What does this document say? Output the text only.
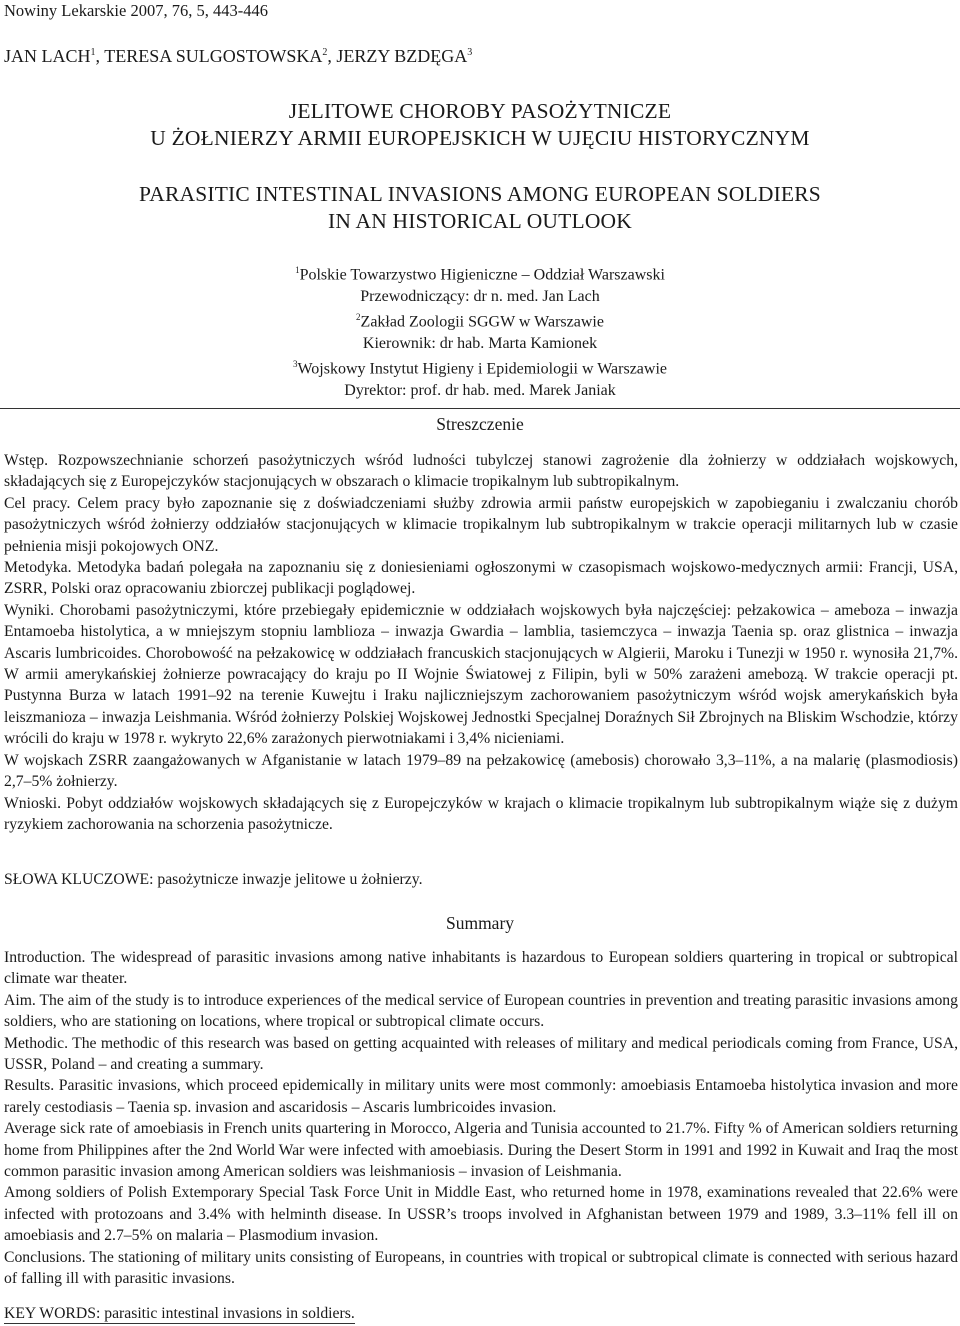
Nowiny Lekarskie 2007, 76, 5, 443-446
JAN LACH$^1$, TERESA SULGOSTOWSKA$^2$, JERZY BZDĘGA$^3$
JELITOWE CHOROBY PASOŻYTNICZE
U ŻOŁNIERZY ARMII EUROPEJSKICH W UJĘCIU HISTORYCZNYM
PARASITIC INTESTINAL INVASIONS AMONG EUROPEAN SOLDIERS
IN AN HISTORICAL OUTLOOK
$^1$Polskie Towarzystwo Higieniczne – Oddział Warszawski
Przewodniczący: dr n. med. Jan Lach
$^2$Zakład Zoologii SGGW w Warszawie
Kierownik: dr hab. Marta Kamionek
$^3$Wojskowy Instytut Higieny i Epidemiologii w Warszawie
Dyrektor: prof. dr hab. med. Marek Janiak
Streszczenie

Wstęp. Rozpowszechnianie schorzeń pasożytniczych wśród ludności tubylczej stanowi zagrożenie dla żołnierzy w oddziałach wojskowych, składających się z Europejczyków stacjonujących w obszarach o klimacie tropikalnym lub subtropikalnym.

Cel pracy. Celem pracy było zapoznanie się z doświadczeniami służby zdrowia armii państw europejskich w zapobieganiu i zwalczaniu chorób pasożytniczych wśród żołnierzy oddziałów stacjonujących w klimacie tropikalnym lub subtropikalnym w trakcie operacji militarnych lub w czasie pełnienia misji pokojowych ONZ.

Metodyka. Metodyka badań polegała na zapoznaniu się z doniesieniami ogłoszonymi w czasopismach wojskowo-medycznych armii: Francji, USA, ZSRR, Polski oraz opracowaniu zbiorczej publikacji poglądowej.

Wyniki. Chorobami pasożytniczymi, które przebiegały epidemicznie w oddziałach wojskowych była najczęściej: pełzakowica – ameboza – inwazja Entamoeba histolytica, a w mniejszym stopniu lamblioza – inwazja Gwardia – lamblia, tasiemczyca – inwazja Taenia sp. oraz glistnica – inwazja Ascaris lumbricoides. Chorobowość na pełzakowicę w oddziałach francuskich stacjonujących w Algierii, Maroku i Tunezji w 1950 r. wynosiła 21,7%. W armii amerykańskiej żołnierze powracający do kraju po II Wojnie Światowej z Filipin, byli w 50% zarażeni amebozą. W trakcie operacji pt. Pustynna Burza w latach 1991–92 na terenie Kuwejtu i Iraku najliczniejszym zachorowaniem pasożytniczym wśród wojsk amerykańskich była leiszmanioza – inwazja Leishmania. Wśród żołnierzy Polskiej Wojskowej Jednostki Specjalnej Doraźnych Sił Zbrojnych na Bliskim Wschodzie, którzy wrócili do kraju w 1978 r. wykryto 22,6% zarażonych pierwotniakami i 3,4% nicieniami.

W wojskach ZSRR zaangażowanych w Afganistanie w latach 1979–89 na pełzakowicę (amebosis) chorowało 3,3–11%, a na malarię (plasmodiosis) 2,7–5% żołnierzy.

Wnioski. Pobyt oddziałów wojskowych składających się z Europejczyków w krajach o klimacie tropikalnym lub subtropikalnym wiąże się z dużym ryzykiem zachorowania na schorzenia pasożytnicze.

SŁOWA KLUCZOWE: pasożytnicze inwazje jelitowe u żołnierzy.
Summary

Introduction. The widespread of parasitic invasions among native inhabitants is hazardous to European soldiers quartering in tropical or subtropical climate war theater.

Aim. The aim of the study is to introduce experiences of the medical service of European countries in prevention and treating parasitic invasions among soldiers, who are stationing on locations, where tropical or subtropical climate occurs.

Methodic. The methodic of this research was based on getting acquainted with releases of military and medical periodicals coming from France, USA, USSR, Poland – and creating a summary.

Results. Parasitic invasions, which proceed epidemically in military units were most commonly: amoebiasis Entamoeba histolytica invasion and more rarely cestodiasis – Taenia sp. invasion and ascaridosis – Ascaris lumbricoides invasion.

Average sick rate of amoebiasis in French units quartering in Morocco, Algeria and Tunisia accounted to 21.7%. Fifty % of American soldiers returning home from Philippines after the 2nd World War were infected with amoebiasis. During the Desert Storm in 1991 and 1992 in Kuwait and Iraq the most common parasitic invasion among American soldiers was leishmaniosis – invasion of Leishmania.

Among soldiers of Polish Extemporary Special Task Force Unit in Middle East, who returned home in 1978, examinations revealed that 22.6% were infected with protozoans and 3.4% with helminth disease. In USSR’s troops involved in Afghanistan between 1979 and 1989, 3.3–11% fell ill on amoebiasis and 2.7–5% on malaria – Plasmodium invasion.

Conclusions. The stationing of military units consisting of Europeans, in countries with tropical or subtropical climate is connected with serious hazard of falling ill with parasitic invasions.

KEY WORDS: parasitic intestinal invasions in soldiers.
